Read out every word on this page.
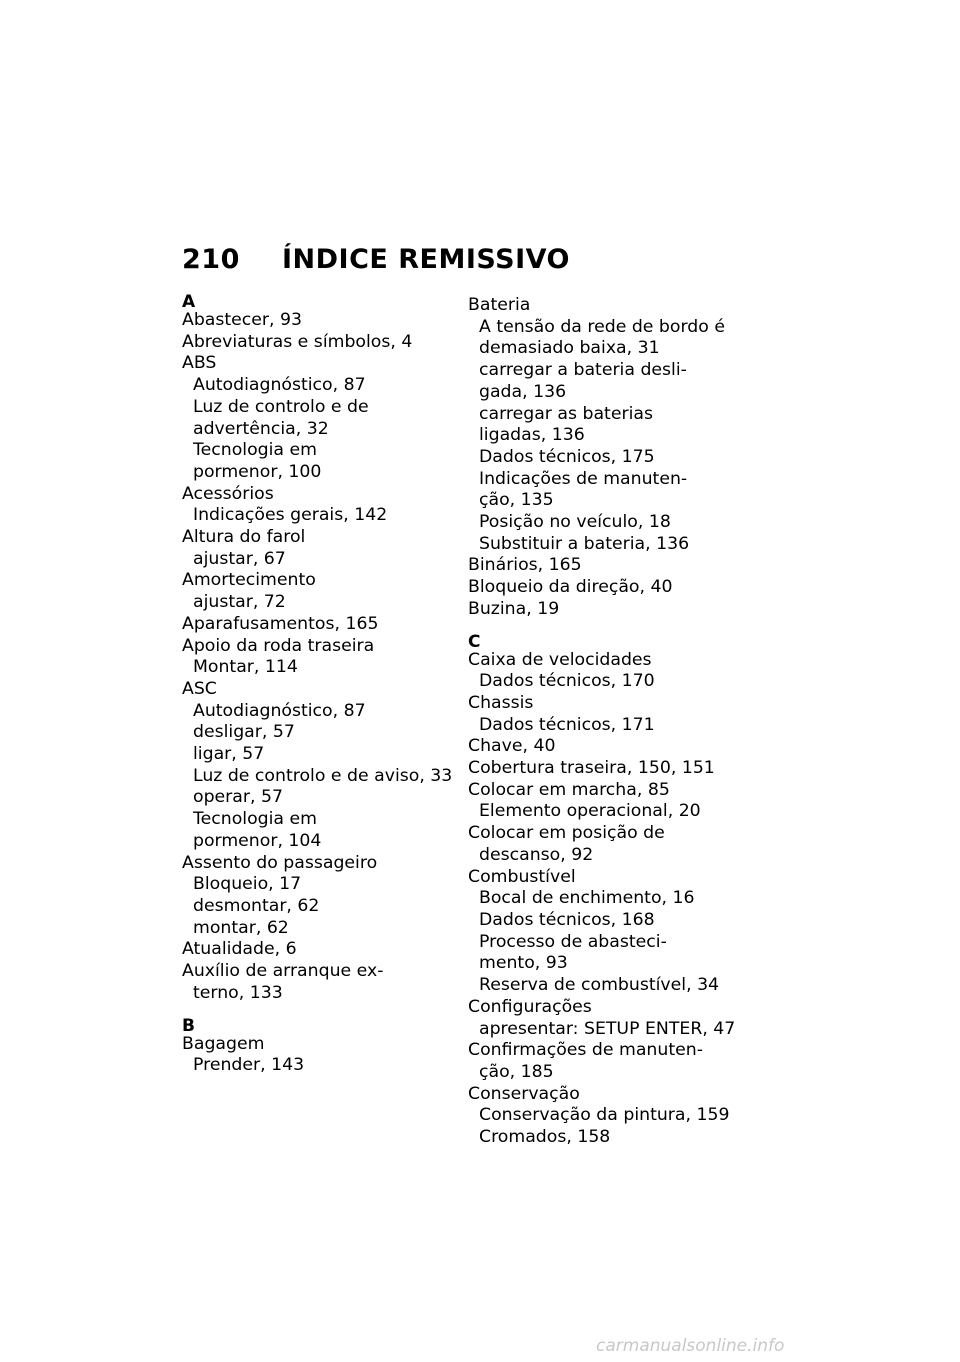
210 ÍNDICE REMISSIVO
A
Abastecer, 93
Abreviaturas e símbolos, 4
ABS
Autodiagnóstico, 87
Luz de controlo e de
advertência, 32
Tecnologia em
pormenor, 100
Acessórios
Indicações gerais, 142
Altura do farol
ajustar, 67
Amortecimento
ajustar, 72
Aparafusamentos, 165
Apoio da roda traseira
Montar, 114
ASC
Autodiagnóstico, 87
desligar, 57
ligar, 57
Luz de controlo e de aviso, 33
operar, 57
Tecnologia em
pormenor, 104
Assento do passageiro
Bloqueio, 17
desmontar, 62
montar, 62
Atualidade, 6
Auxílio de arranque ex-
terno, 133
B
Bagagem
Prender, 143
Bateria
A tensão da rede de bordo é
demasiado baixa, 31
carregar a bateria desli-
gada, 136
carregar as baterias
ligadas, 136
Dados técnicos, 175
Indicações de manuten-
ção, 135
Posição no veículo, 18
Substituir a bateria, 136
Binários, 165
Bloqueio da direção, 40
Buzina, 19
C
Caixa de velocidades
Dados técnicos, 170
Chassis
Dados técnicos, 171
Chave, 40
Cobertura traseira, 150, 151
Colocar em marcha, 85
Elemento operacional, 20
Colocar em posição de
descanso, 92
Combustível
Bocal de enchimento, 16
Dados técnicos, 168
Processo de abasteci-
mento, 93
Reserva de combustível, 34
Configurações
apresentar: SETUP ENTER, 47
Confirmações de manuten-
ção, 185
Conservação
Conservação da pintura, 159
Cromados, 158
carmanualsonline.info
